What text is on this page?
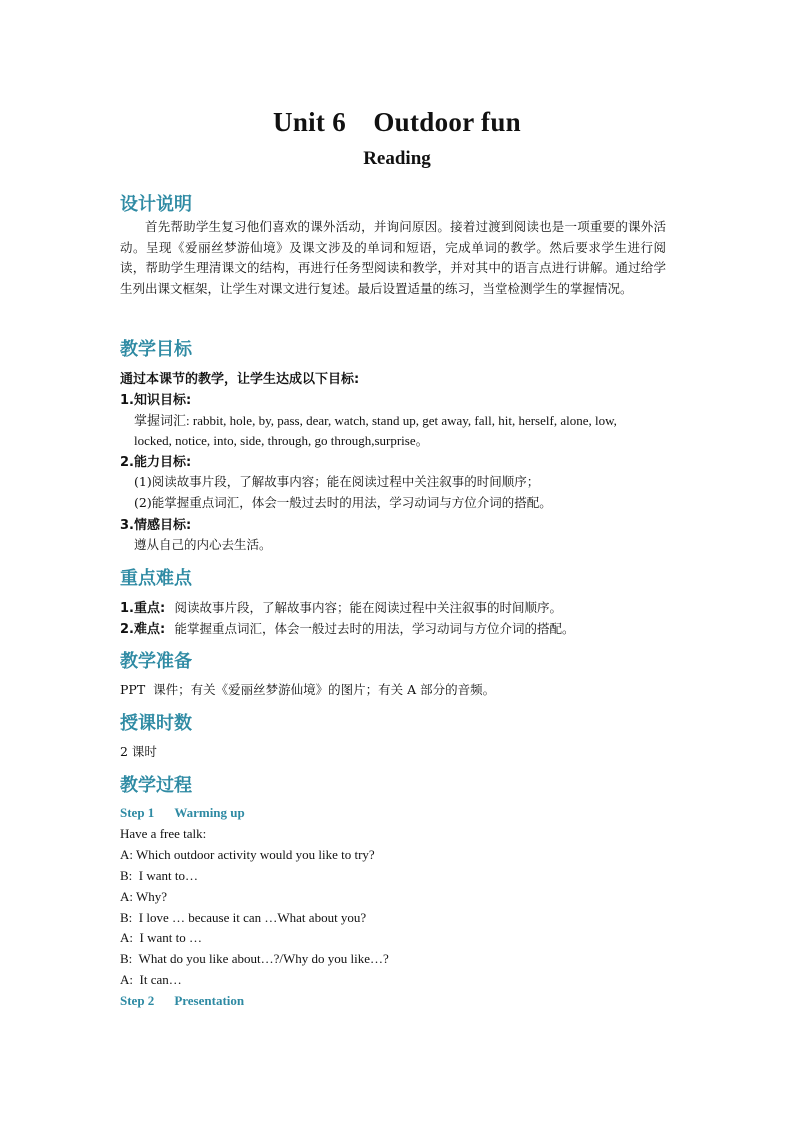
Unit 6　Outdoor fun
Reading
设计说明
首先帮助学生复习他们喜欢的课外活动，并询问原因。接着过渡到阅读也是一项重要的课外活动。呈现《爱丽丝梦游仙境》及课文涉及的单词和短语，完成单词的教学。然后要求学生进行阅读，帮助学生理清课文的结构，再进行任务型阅读和教学，并对其中的语言点进行讲解。通过给学生列出课文框架，让学生对课文进行复述。最后设置适量的练习，当堂检测学生的掌握情况。
教学目标
通过本课节的教学，让学生达成以下目标:
1.知识目标:
掌握词汇: rabbit, hole, by, pass, dear, watch, stand up, get away, fall, hit, herself, alone, low,
locked, notice, into, side, through, go through,surprise。
2.能力目标:
(1)阅读故事片段，了解故事内容；能在阅读过程中关注叙事的时间顺序；
(2)能掌握重点词汇，体会一般过去时的用法，学习动词与方位介词的搭配。
3.情感目标:
遵从自己的内心去生活。
重点难点
1.重点: 阅读故事片段，了解故事内容；能在阅读过程中关注叙事的时间顺序。
2.难点: 能掌握重点词汇，体会一般过去时的用法，学习动词与方位介词的搭配。
教学准备
PPT  课件；有关《爱丽丝梦游仙境》的图片；有关 A 部分的音频。
授课时数
2 课时
教学过程
Step 1 Warming up
Have a free talk:
A: Which outdoor activity would you like to try?
B:  I want to…
A: Why?
B:  I love … because it can …What about you?
A:  I want to …
B:  What do you like about…?/Why do you like…?
A:  It can…
Step 2 Presentation
